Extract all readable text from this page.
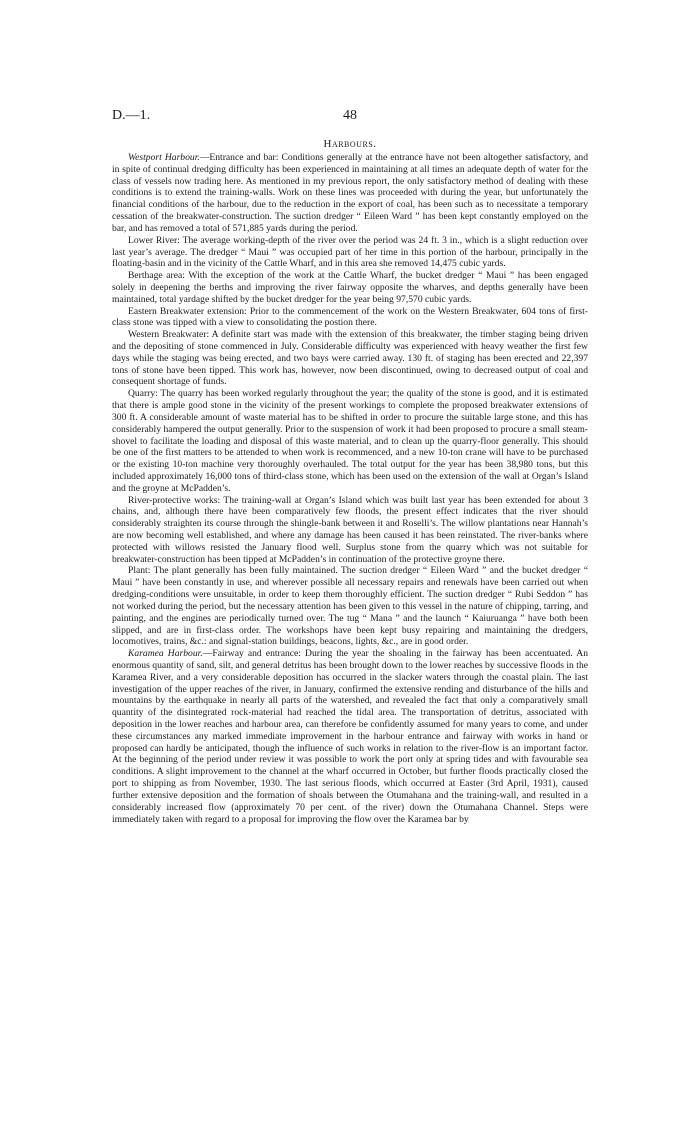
D.—1.	48
Harbours.

Westport Harbour.—Entrance and bar: Conditions generally at the entrance have not been altogether satisfactory, and in spite of continual dredging difficulty has been experienced in maintaining at all times an adequate depth of water for the class of vessels now trading here. As mentioned in my previous report, the only satisfactory method of dealing with these conditions is to extend the training-walls. Work on these lines was proceeded with during the year, but unfortunately the financial conditions of the harbour, due to the reduction in the export of coal, has been such as to necessitate a temporary cessation of the breakwater-construction. The suction dredger “ Eileen Ward ” has been kept constantly employed on the bar, and has removed a total of 571,885 yards during the period.

Lower River: The average working-depth of the river over the period was 24 ft. 3 in., which is a slight reduction over last year’s average. The dredger “ Maui ” was occupied part of her time in this portion of the harbour, principally in the floating-basin and in the vicinity of the Cattle Wharf, and in this area she removed 14,475 cubic yards.

Berthage area: With the exception of the work at the Cattle Wharf, the bucket dredger “ Maui ” has been engaged solely in deepening the berths and improving the river fairway opposite the wharves, and depths generally have been maintained, total yardage shifted by the bucket dredger for the year being 97,570 cubic yards.

Eastern Breakwater extension: Prior to the commencement of the work on the Western Breakwater, 604 tons of first-class stone was tipped with a view to consolidating the postion there.

Western Breakwater: A definite start was made with the extension of this breakwater, the timber staging being driven and the depositing of stone commenced in July. Considerable difficulty was experienced with heavy weather the first few days while the staging was being erected, and two bays were carried away. 130 ft. of staging has been erected and 22,397 tons of stone have been tipped. This work has, however, now been discontinued, owing to decreased output of coal and consequent shortage of funds.

Quarry: The quarry has been worked regularly throughout the year; the quality of the stone is good, and it is estimated that there is ample good stone in the vicinity of the present workings to complete the proposed breakwater extensions of 300 ft. A considerable amount of waste material has to be shifted in order to procure the suitable large stone, and this has considerably hampered the output generally. Prior to the suspension of work it had been proposed to procure a small steam-shovel to facilitate the loading and disposal of this waste material, and to clean up the quarry-floor generally. This should be one of the first matters to be attended to when work is recommenced, and a new 10-ton crane will have to be purchased or the existing 10-ton machine very thoroughly overhauled. The total output for the year has been 38,980 tons, but this included approximately 16,000 tons of third-class stone, which has been used on the extension of the wall at Organ’s Island and the groyne at McPadden’s.

River-protective works: The training-wall at Organ’s Island which was built last year has been extended for about 3 chains, and, although there have been comparatively few floods, the present effect indicates that the river should considerably straighten its course through the shingle-bank between it and Roselli’s. The willow plantations near Hannah’s are now becoming well established, and where any damage has been caused it has been reinstated. The river-banks where protected with willows resisted the January flood well. Surplus stone from the quarry which was not suitable for breakwater-construction has been tipped at McPadden’s in continuation of the protective groyne there.

Plant: The plant generally has been fully maintained. The suction dredger “ Eileen Ward ” and the bucket dredger “ Maui ” have been constantly in use, and wherever possible all necessary repairs and renewals have been carried out when dredging-conditions were unsuitable, in order to keep them thoroughly efficient. The suction dredger “ Rubi Seddon ” has not worked during the period, but the necessary attention has been given to this vessel in the nature of chipping, tarring, and painting, and the engines are periodically turned over. The tug “ Mana ” and the launch “ Kaiuruanga ” have both been slipped, and are in first-class order. The workshops have been kept busy repairing and maintaining the dredgers, locomotives, trains, &c.: and signal-station buildings, beacons, lights, &c., are in good order.

Karamea Harbour.—Fairway and entrance: During the year the shoaling in the fairway has been accentuated. An enormous quantity of sand, silt, and general detritus has been brought down to the lower reaches by successive floods in the Karamea River, and a very considerable deposition has occurred in the slacker waters through the coastal plain. The last investigation of the upper reaches of the river, in January, confirmed the extensive rending and disturbance of the hills and mountains by the earthquake in nearly all parts of the watershed, and revealed the fact that only a comparatively small quantity of the disintegrated rock-material had reached the tidal area. The transportation of detritus, associated with deposition in the lower reaches and harbour area, can therefore be confidently assumed for many years to come, and under these circumstances any marked immediate improvement in the harbour entrance and fairway with works in hand or proposed can hardly be anticipated, though the influence of such works in relation to the river-flow is an important factor. At the beginning of the period under review it was possible to work the port only at spring tides and with favourable sea conditions. A slight improvement to the channel at the wharf occurred in October, but further floods practically closed the port to shipping as from November, 1930. The last serious floods, which occurred at Easter (3rd April, 1931), caused further extensive deposition and the formation of shoals between the Otumahana and the training-wall, and resulted in a considerably increased flow (approximately 70 per cent. of the river) down the Otumahana Channel. Steps were immediately taken with regard to a proposal for improving the flow over the Karamea bar by
